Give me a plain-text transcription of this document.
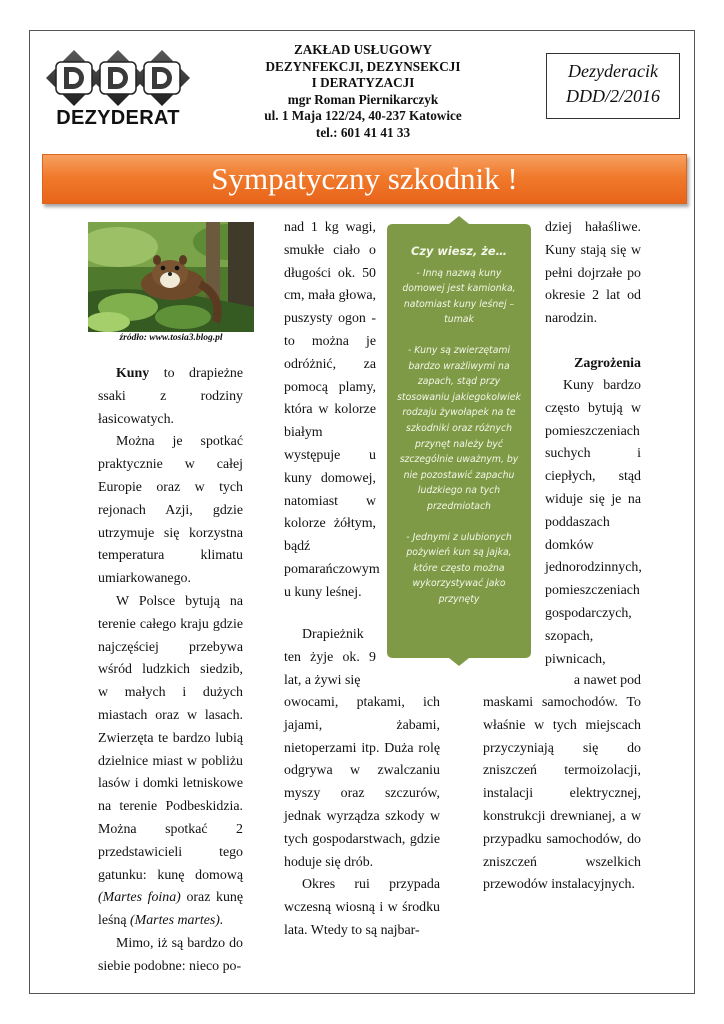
DEZYDERAT
ZAKŁAD USŁUGOWY
DEZYNFEKCJI, DEZYNSEKCJI
I DERATYZACJI
mgr Roman Piernikarczyk
ul. 1 Maja 122/24, 40-237 Katowice
tel.: 601 41 41 33
Dezyderacik
DDD/2/2016
Sympatyczny szkodnik !
źródło: www.tosia3.blog.pl

Kuny to drapieżne ssaki z rodziny łasicowatych.

Można je spotkać praktycznie w całej Europie oraz w tych rejonach Azji, gdzie utrzymuje się korzystna temperatura klimatu umiarkowanego.

W Polsce bytują na terenie całego kraju gdzie najczęściej przebywa wśród ludzkich siedzib, w małych i dużych miastach oraz w lasach. Zwierzęta te bardzo lubią dzielnice miast w pobliżu lasów i domki letniskowe na terenie Podbeskidzia. Można spotkać 2 przedstawicieli tego gatunku: kunę domową (Martes foina) oraz kunę leśną (Martes martes).

Mimo, iż są bardzo do siebie podobne: nieco po-

nad 1 kg wagi, smukłe ciało o długości ok. 50 cm, mała głowa, puszysty ogon - to można je odróżnić, za pomocą plamy, która w kolorze białym występuje u kuny domowej, natomiast w kolorze żółtym, bądź pomarańczowym u kuny leśnej.

Drapieżnik ten żyje ok. 9 lat, a żywi się

owocami, ptakami, ich jajami, żabami, nietoperzami itp. Duża rolę odgrywa w zwalczaniu myszy oraz szczurów, jednak wyrządza szkody w tych gospodarstwach, gdzie hoduje się drób.

Okres rui przypada wczesną wiosną i w środku lata. Wtedy to są najbar-

Czy wiesz, że…

- Inną nazwą kuny domowej jest kamionka, natomiast kuny leśnej – tumak

- Kuny są zwierzętami bardzo wrażliwymi na zapach, stąd przy stosowaniu jakiegokolwiek rodzaju żywołapek na te szkodniki oraz różnych przynęt należy być szczególnie uważnym, by nie pozostawić zapachu ludzkiego na tych przedmiotach

- Jednymi z ulubionych pożywień kun są jajka, które często można wykorzystywać jako przynęty

dziej hałaśliwe. Kuny stają się w pełni dojrzałe po okresie 2 lat od narodzin.

Zagrożenia

Kuny bardzo często bytują w pomieszczeniach suchych i ciepłych, stąd widuje się je na poddaszach domków jednorodzinnych, pomieszczeniach gospodarczych, szopach, piwnicach,

a nawet pod

maskami samochodów. To właśnie w tych miejscach przyczyniają się do zniszczeń termoizolacji, instalacji elektrycznej, konstrukcji drewnianej, a w przypadku samochodów, do zniszczeń wszelkich przewodów instalacyjnych.
